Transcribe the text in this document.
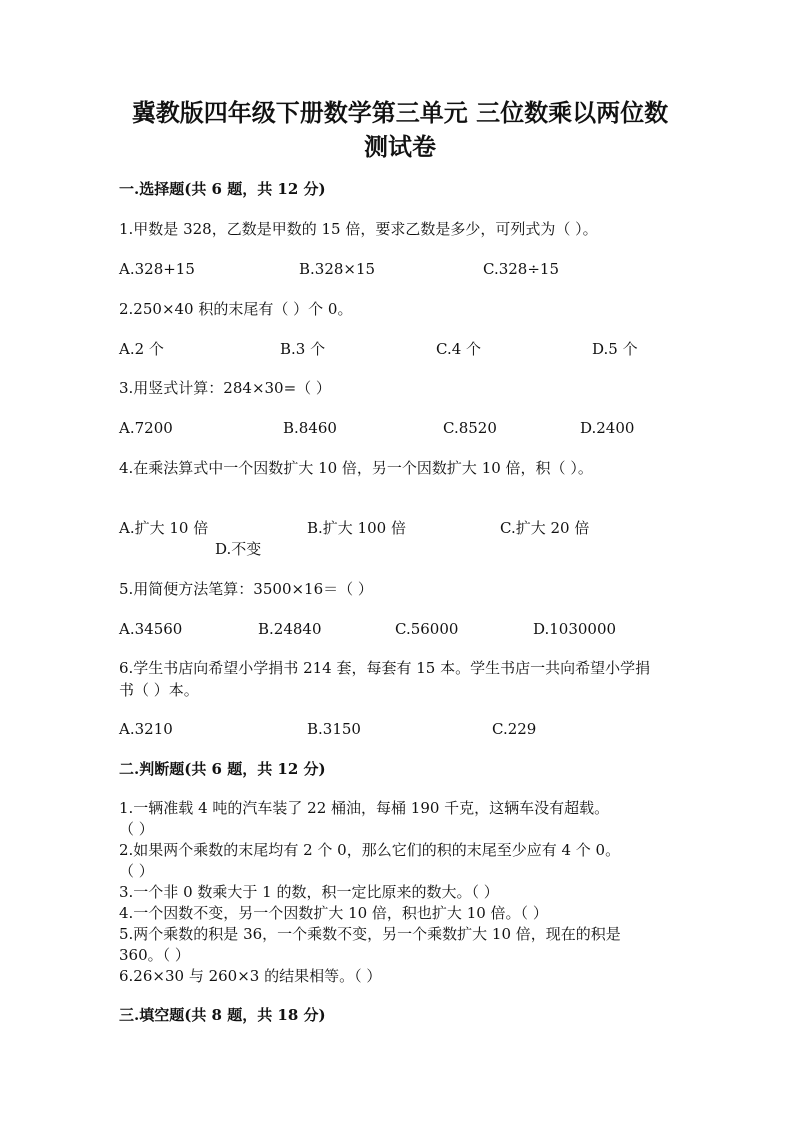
冀教版四年级下册数学第三单元 三位数乘以两位数
测试卷
一.选择题(共 6 题，共 12 分)
1.甲数是 328，乙数是甲数的 15 倍，要求乙数是多少，可列式为（ ）。
A.328+15	B.328×15	C.328÷15
2.250×40 积的末尾有（ ）个 0。
A.2 个	B.3 个	C.4 个	D.5 个
3.用竖式计算：284×30=（ ）
A.7200	B.8460	C.8520	D.2400
4.在乘法算式中一个因数扩大 10 倍，另一个因数扩大 10 倍，积（ ）。
A.扩大 10 倍	B.扩大 100 倍	C.扩大 20 倍
D.不变
5.用简便方法笔算：3500×16＝（ ）
A.34560	B.24840	C.56000	D.1030000
6.学生书店向希望小学捐书 214 套，每套有 15 本。学生书店一共向希望小学捐
书（ ）本。
A.3210	B.3150	C.229
二.判断题(共 6 题，共 12 分)
1.一辆准载 4 吨的汽车装了 22 桶油，每桶 190 千克，这辆车没有超载。
（ ）
2.如果两个乘数的末尾均有 2 个 0，那么它们的积的末尾至少应有 4 个 0。
（ ）
3.一个非 0 数乘大于 1 的数，积一定比原来的数大。（ ）
4.一个因数不变，另一个因数扩大 10 倍，积也扩大 10 倍。（ ）
5.两个乘数的积是 36，一个乘数不变，另一个乘数扩大 10 倍，现在的积是
360。（ ）
6.26×30 与 260×3 的结果相等。（ ）
三.填空题(共 8 题，共 18 分)
